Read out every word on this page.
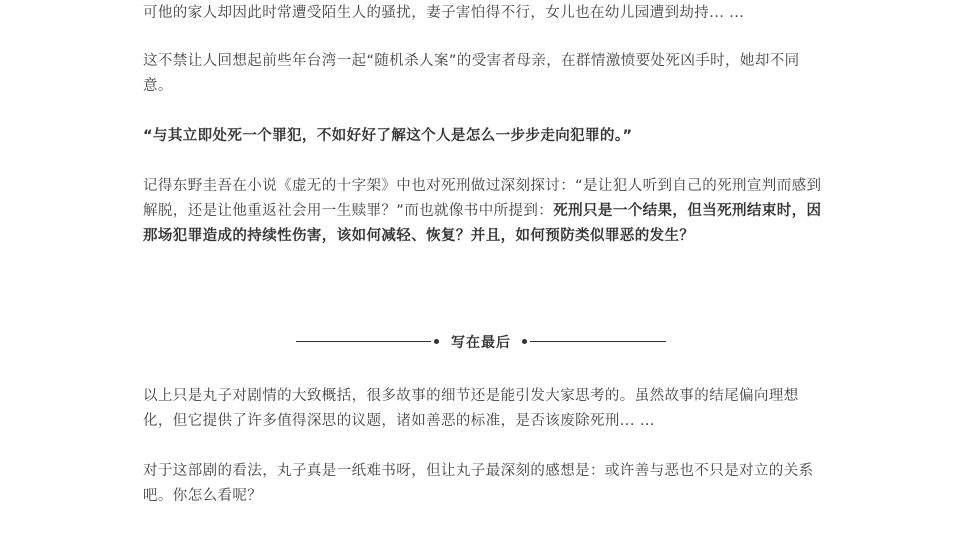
可他的家人却因此时常遭受陌生人的骚扰，妻子害怕得不行，女儿也在幼儿园遭到劫持... ...

这不禁让人回想起前些年台湾一起“随机杀人案”的受害者母亲，在群情激愤要处死凶手时，她却不同意。

“与其立即处死一个罪犯，不如好好了解这个人是怎么一步步走向犯罪的。”

记得东野圭吾在小说《虚无的十字架》中也对死刑做过深刻探讨：“是让犯人听到自己的死刑宣判而感到解脱，还是让他重返社会用一生赎罪？”而也就像书中所提到：死刑只是一个结果，但当死刑结束时，因那场犯罪造成的持续性伤害，该如何减轻、恢复？并且，如何预防类似罪恶的发生？

以上只是丸子对剧情的大致概括，很多故事的细节还是能引发大家思考的。虽然故事的结尾偏向理想化，但它提供了许多值得深思的议题，诸如善恶的标准，是否该废除死刑... ...

对于这部剧的看法，丸子真是一纸难书呀，但让丸子最深刻的感想是：或许善与恶也不只是对立的关系吧。你怎么看呢？

写在最后
